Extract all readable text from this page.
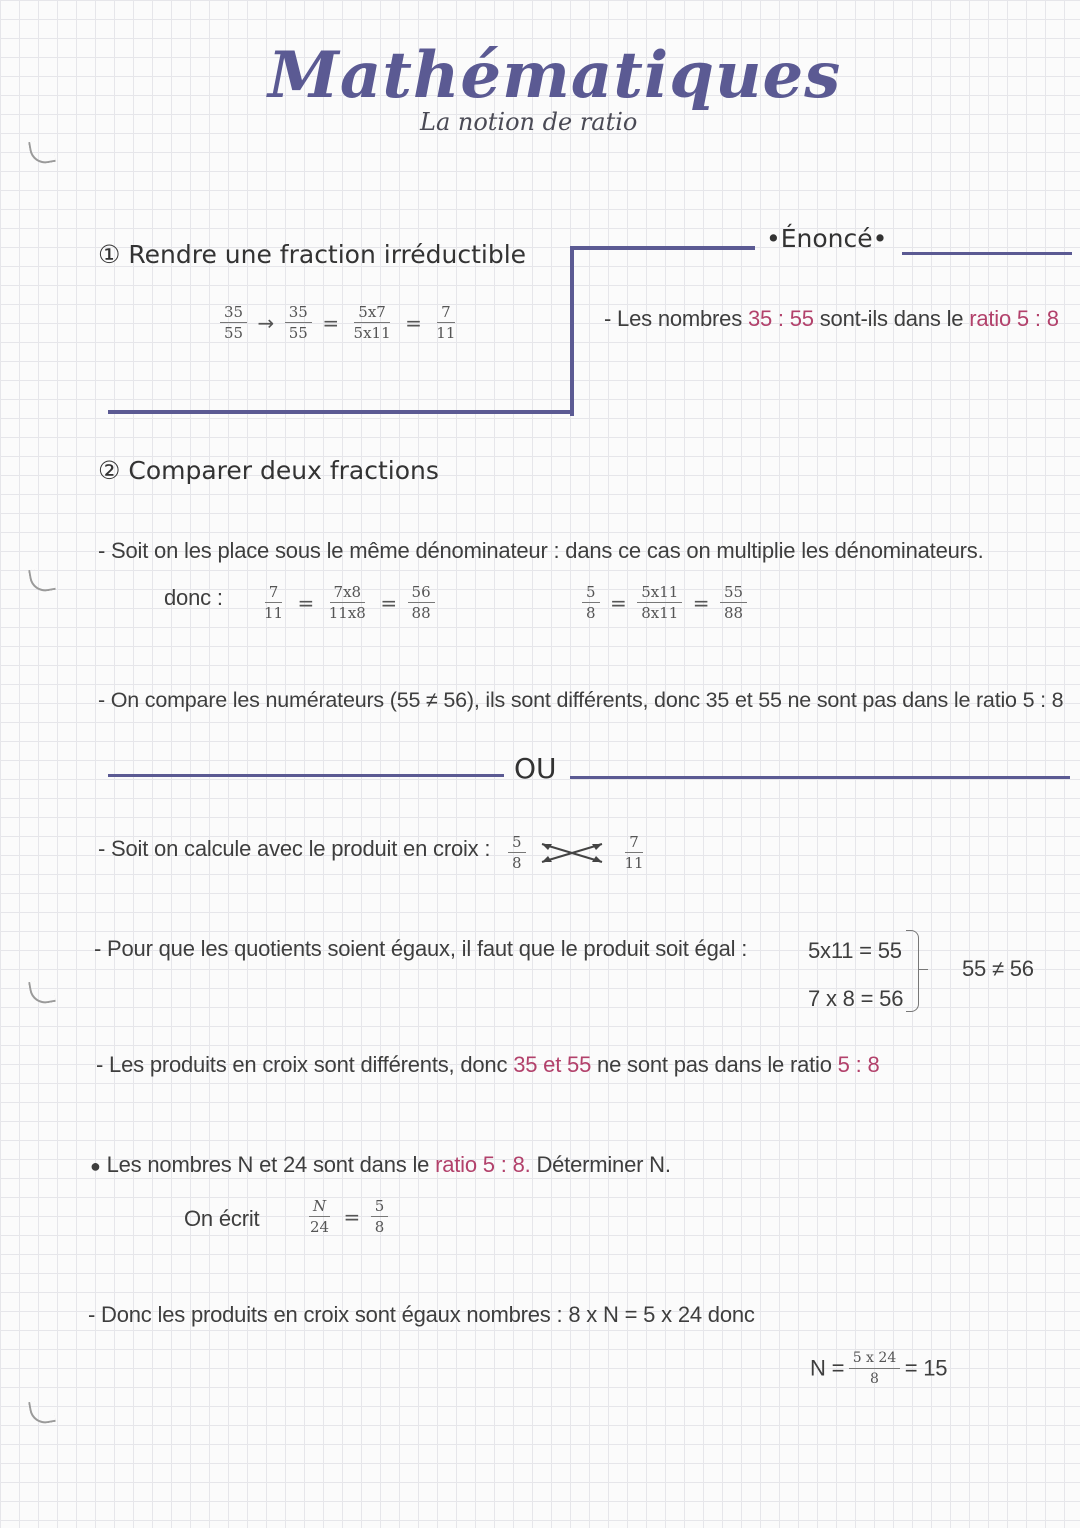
Mathématiques
La notion de ratio
① Rendre une fraction irréductible
$\frac{35}{55} \to \frac{35}{55} = \frac{5x7}{5x11} = \frac{7}{11}$
•Énoncé•
- Les nombres 35 : 55 sont-ils dans le ratio 5 : 8
② Comparer deux fractions
- Soit on les place sous le même dénominateur : dans ce cas on multiplie les dénominateurs.
donc : $\frac{7}{11} = \frac{7x8}{11x8} = \frac{56}{88}$	$\frac{5}{8} = \frac{5x11}{8x11} = \frac{55}{88}$
- On compare les numérateurs (55 ≠ 56), ils sont différents, donc 35 et 55 ne sont pas dans le ratio 5 : 8
OU
- Soit on calcule avec le produit en croix : $\frac{5}{8}$
	$\frac{7}{11}$
- Pour que les quotients soient égaux, il faut que le produit soit égal :	5x11 = 55
7 x 8 = 56
55 ≠ 56
- Les produits en croix sont différents, donc 35 et 55 ne sont pas dans le ratio 5 : 8
● Les nombres N et 24 sont dans le ratio 5 : 8. Déterminer N.
On écrit	$\frac{N}{24} = \frac{5}{8}$
- Donc les produits en croix sont égaux nombres : 8 x N = 5 x 24 donc
$N = \frac{5 x 24}{8} = 15$
